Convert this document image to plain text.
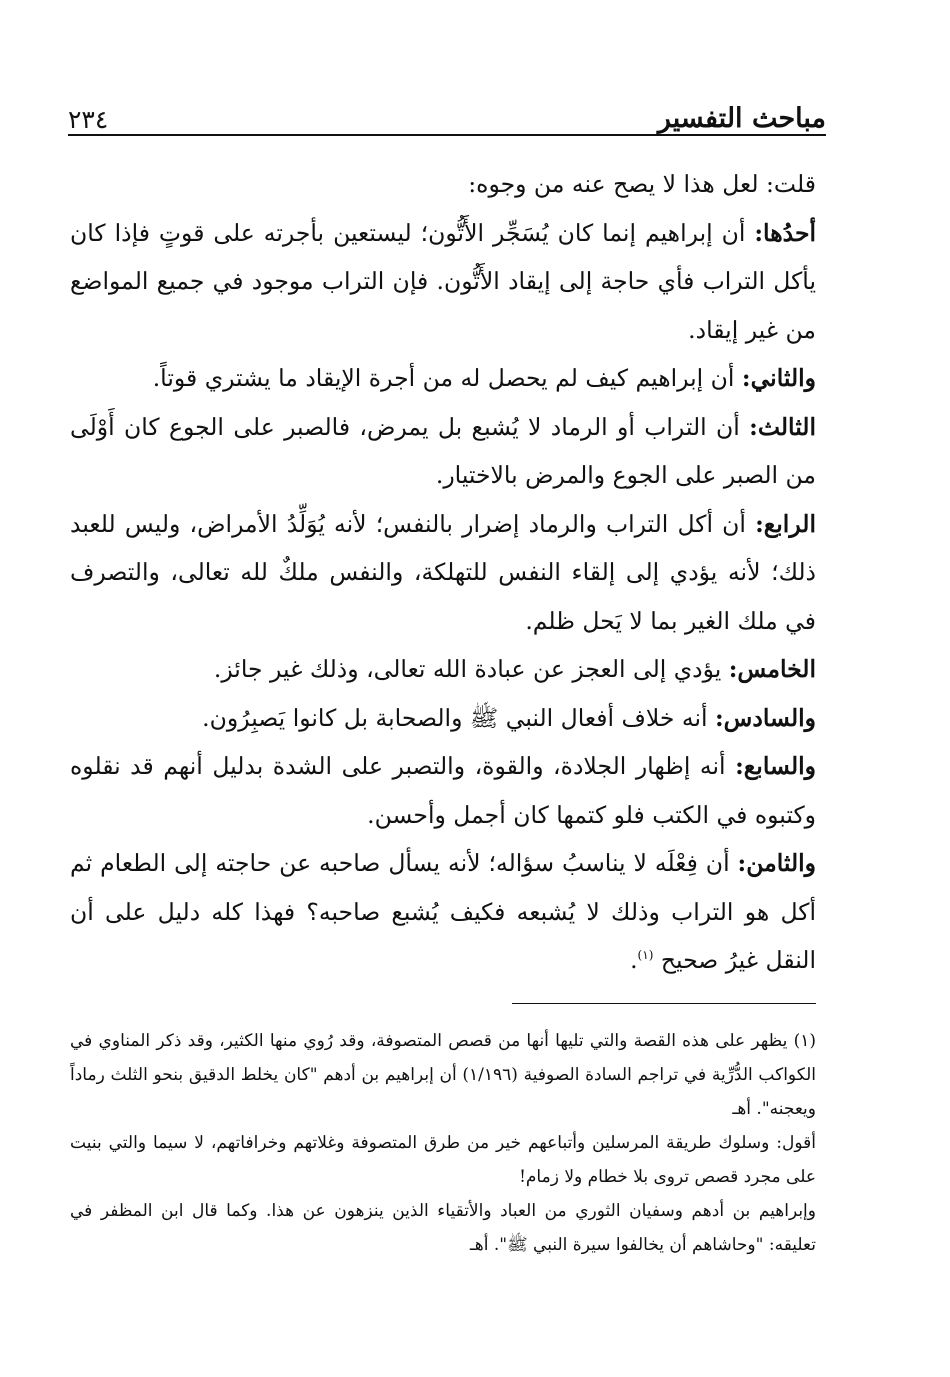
مباحث التفسير
٢٣٤

قلت: لعل هذا لا يصح عنه من وجوه:

أحدُها: أن إبراهيم إنما كان يُسَجِّر الأَتُّون؛ ليستعين بأجرته على قوتٍ فإذا كان يأكل التراب فأي حاجة إلى إيقاد الأَتُّون. فإن التراب موجود في جميع المواضع من غير إيقاد.

والثاني: أن إبراهيم كيف لم يحصل له من أجرة الإيقاد ما يشتري قوتاً.

الثالث: أن التراب أو الرماد لا يُشبع بل يمرض، فالصبر على الجوع كان أَوْلَى من الصبر على الجوع والمرض بالاختيار.

الرابع: أن أكل التراب والرماد إضرار بالنفس؛ لأنه يُوَلِّدُ الأمراض، وليس للعبد ذلك؛ لأنه يؤدي إلى إلقاء النفس للتهلكة، والنفس ملكٌ لله تعالى، والتصرف في ملك الغير بما لا يَحل ظلم.

الخامس: يؤدي إلى العجز عن عبادة الله تعالى، وذلك غير جائز.

والسادس: أنه خلاف أفعال النبي ﷺ والصحابة بل كانوا يَصبِرُون.

والسابع: أنه إظهار الجلادة، والقوة، والتصبر على الشدة بدليل أنهم قد نقلوه وكتبوه في الكتب فلو كتمها كان أجمل وأحسن.

والثامن: أن فِعْلَه لا يناسبُ سؤاله؛ لأنه يسأل صاحبه عن حاجته إلى الطعام ثم أكل هو التراب وذلك لا يُشبعه فكيف يُشبع صاحبه؟ فهذا كله دليل على أن النقل غيرُ صحيح $^{(١)}$.

(١) يظهر على هذه القصة والتي تليها أنها من قصص المتصوفة، وقد رُوي منها الكثير، وقد ذكر المناوي في الكواكب الدُّرِّية في تراجم السادة الصوفية (١/١٩٦) أن إبراهيم بن أدهم "كان يخلط الدقيق بنحو الثلث رماداً ويعجنه". أهـ

أقول: وسلوك طريقة المرسلين وأتباعهم خير من طرق المتصوفة وغلاتهم وخرافاتهم، لا سيما والتي بنيت على مجرد قصص تروى بلا خطام ولا زمام!

وإبراهيم بن أدهم وسفيان الثوري من العباد والأتقياء الذين ينزهون عن هذا. وكما قال ابن المظفر في تعليقه: "وحاشاهم أن يخالفوا سيرة النبي ﷺ". أهـ
